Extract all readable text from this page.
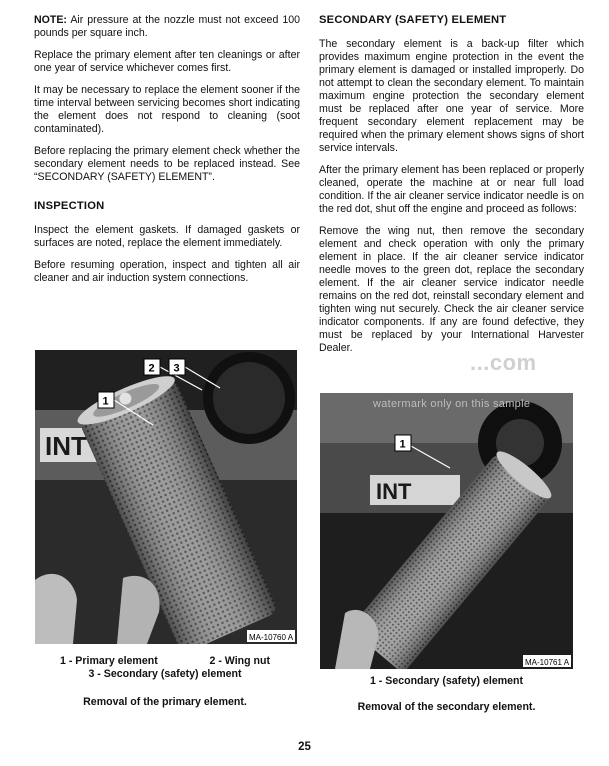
NOTE: Air pressure at the nozzle must not exceed 100 pounds per square inch.

Replace the primary element after ten cleanings or after one year of service whichever comes first.

It may be necessary to replace the element sooner if the time interval between servicing becomes short indicating the element does not respond to cleaning (soot contaminated).

Before replacing the primary element check whether the secondary element needs to be replaced instead. See “SECONDARY (SAFETY) ELEMENT”.

INSPECTION

Inspect the element gaskets. If damaged gaskets or surfaces are noted, replace the element immediately.

Before resuming operation, inspect and tighten all air cleaner and air induction system connections.

SECONDARY (SAFETY) ELEMENT

The secondary element is a back-up filter which provides maximum engine protection in the event the primary element is damaged or installed improperly. Do not attempt to clean the secondary element. To maintain maximum engine protection the secondary element must be replaced after one year of service. More frequent secondary element replacement may be required when the primary element shows signs of short service intervals.

After the primary element has been replaced or properly cleaned, operate the machine at or near full load condition. If the air cleaner service indicator needle is on the red dot, shut off the engine and proceed as follows:

Remove the wing nut, then remove the secondary element and check operation with only the primary element in place. If the air cleaner service indicator needle moves to the green dot, replace the secondary element. If the air cleaner service indicator needle remains on the red dot, reinstall secondary element and tighten wing nut securely. Check the air cleaner service indicator components. If any are found defective, they must be replaced by your International Harvester Dealer.

INT
1
2 3
MA-10760 A
INT
1
MA-10761 A
...com
watermark only on this sample
1 - Primary element	2 - Wing nut
3 - Secondary (safety) element
1 - Secondary (safety) element
Removal of the primary element.	Removal of the secondary element.
25
